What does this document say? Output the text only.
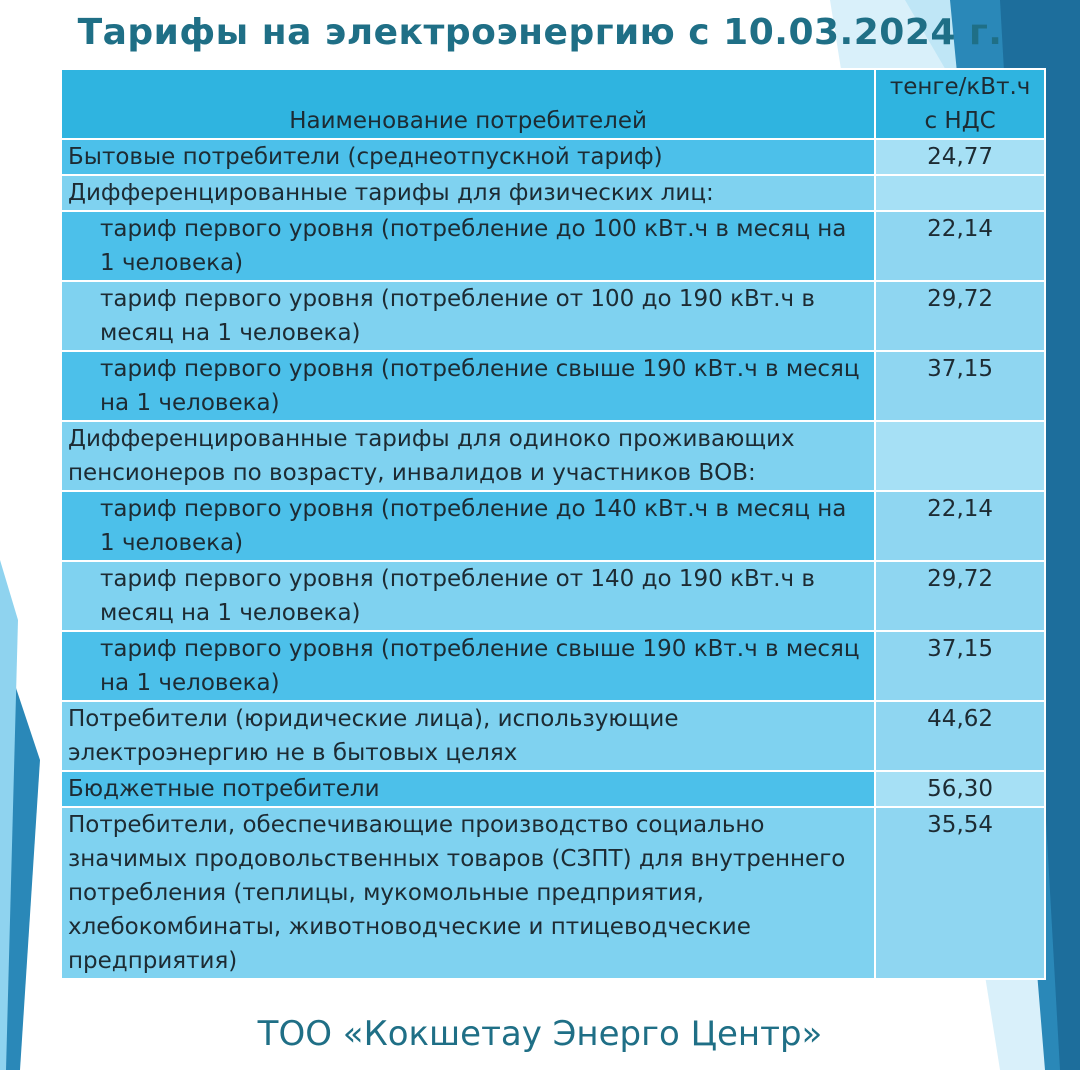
Тарифы на электроэнергию с 10.03.2024 г.
Наименование потребителей	тенге/кВт.ч с НДС
Бытовые потребители (среднеотпускной тариф)	24,77
Дифференцированные тарифы для физических лиц:	
тариф первого уровня (потребление до 100 кВт.ч в месяц на 1 человека)	22,14
тариф первого уровня (потребление от 100 до 190 кВт.ч в месяц на 1 человека)	29,72
тариф первого уровня (потребление свыше 190 кВт.ч в месяц на 1 человека)	37,15
Дифференцированные тарифы для одиноко проживающих пенсионеров по возрасту, инвалидов и участников ВОВ:	
тариф первого уровня (потребление до 140 кВт.ч в месяц на 1 человека)	22,14
тариф первого уровня (потребление от 140 до 190 кВт.ч в месяц на 1 человека)	29,72
тариф первого уровня (потребление свыше 190 кВт.ч в месяц на 1 человека)	37,15
Потребители (юридические лица), использующие электроэнергию не в бытовых целях	44,62
Бюджетные потребители	56,30
Потребители, обеспечивающие производство социально значимых продовольственных товаров (СЗПТ) для внутреннего потребления (теплицы, мукомольные предприятия, хлебокомбинаты, животноводческие и птицеводческие предприятия)	35,54
ТОО «Кокшетау Энерго Центр»
